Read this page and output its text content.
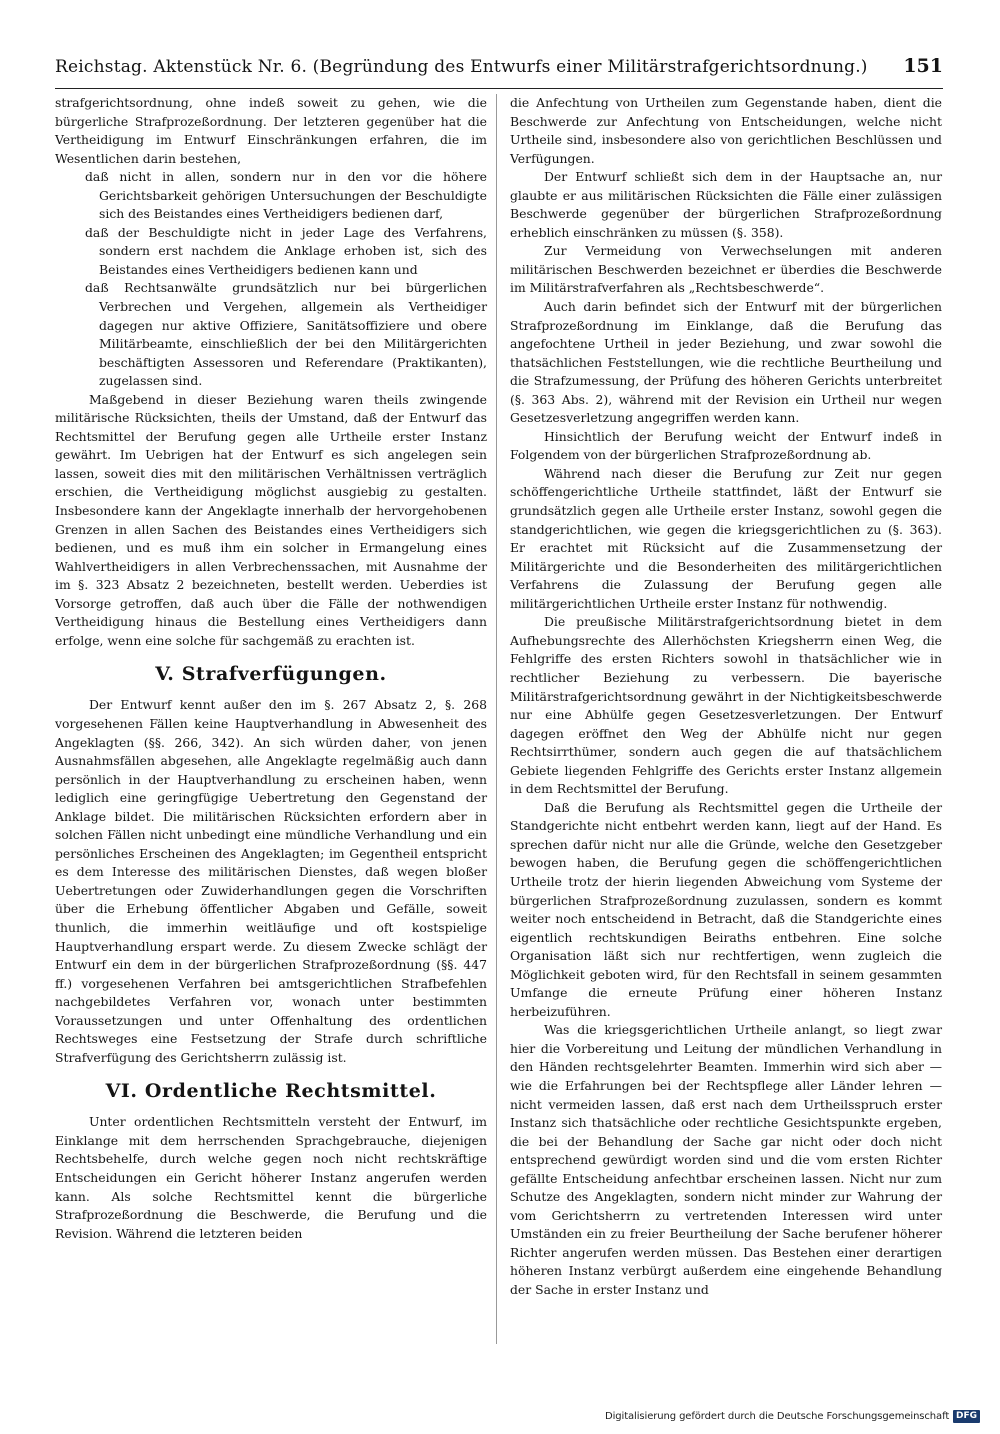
Reichstag. Aktenstück Nr. 6. (Begründung des Entwurfs einer Militärstrafgerichtsordnung.)	151

strafgerichtsordnung, ohne indeß soweit zu gehen, wie die bürgerliche Strafprozeßordnung. Der letzteren gegenüber hat die Vertheidigung im Entwurf Einschränkungen erfahren, die im Wesentlichen darin bestehen,

daß nicht in allen, sondern nur in den vor die höhere Gerichtsbarkeit gehörigen Untersuchungen der Beschuldigte sich des Beistandes eines Vertheidigers bedienen darf,

daß der Beschuldigte nicht in jeder Lage des Verfahrens, sondern erst nachdem die Anklage erhoben ist, sich des Beistandes eines Vertheidigers bedienen kann und

daß Rechtsanwälte grundsätzlich nur bei bürgerlichen Verbrechen und Vergehen, allgemein als Vertheidiger dagegen nur aktive Offiziere, Sanitätsoffiziere und obere Militärbeamte, einschließlich der bei den Militärgerichten beschäftigten Assessoren und Referendare (Praktikanten), zugelassen sind.

Maßgebend in dieser Beziehung waren theils zwingende militärische Rücksichten, theils der Umstand, daß der Entwurf das Rechtsmittel der Berufung gegen alle Urtheile erster Instanz gewährt. Im Uebrigen hat der Entwurf es sich angelegen sein lassen, soweit dies mit den militärischen Verhältnissen verträglich erschien, die Vertheidigung möglichst ausgiebig zu gestalten. Insbesondere kann der Angeklagte innerhalb der hervorgehobenen Grenzen in allen Sachen des Beistandes eines Vertheidigers sich bedienen, und es muß ihm ein solcher in Ermangelung eines Wahlvertheidigers in allen Verbrechenssachen, mit Ausnahme der im §. 323 Absatz 2 bezeichneten, bestellt werden. Ueberdies ist Vorsorge getroffen, daß auch über die Fälle der nothwendigen Vertheidigung hinaus die Bestellung eines Vertheidigers dann erfolge, wenn eine solche für sachgemäß zu erachten ist.

V. Strafverfügungen.

Der Entwurf kennt außer den im §. 267 Absatz 2, §. 268 vorgesehenen Fällen keine Hauptverhandlung in Abwesenheit des Angeklagten (§§. 266, 342). An sich würden daher, von jenen Ausnahmsfällen abgesehen, alle Angeklagte regelmäßig auch dann persönlich in der Hauptverhandlung zu erscheinen haben, wenn lediglich eine geringfügige Uebertretung den Gegenstand der Anklage bildet. Die militärischen Rücksichten erfordern aber in solchen Fällen nicht unbedingt eine mündliche Verhandlung und ein persönliches Erscheinen des Angeklagten; im Gegentheil entspricht es dem Interesse des militärischen Dienstes, daß wegen bloßer Uebertretungen oder Zuwiderhandlungen gegen die Vorschriften über die Erhebung öffentlicher Abgaben und Gefälle, soweit thunlich, die immerhin weitläufige und oft kostspielige Hauptverhandlung erspart werde. Zu diesem Zwecke schlägt der Entwurf ein dem in der bürgerlichen Strafprozeßordnung (§§. 447 ff.) vorgesehenen Verfahren bei amtsgerichtlichen Strafbefehlen nachgebildetes Verfahren vor, wonach unter bestimmten Voraussetzungen und unter Offenhaltung des ordentlichen Rechtsweges eine Festsetzung der Strafe durch schriftliche Strafverfügung des Gerichtsherrn zulässig ist.

VI. Ordentliche Rechtsmittel.

Unter ordentlichen Rechtsmitteln versteht der Entwurf, im Einklange mit dem herrschenden Sprachgebrauche, diejenigen Rechtsbehelfe, durch welche gegen noch nicht rechtskräftige Entscheidungen ein Gericht höherer Instanz angerufen werden kann. Als solche Rechtsmittel kennt die bürgerliche Strafprozeßordnung die Beschwerde, die Berufung und die Revision. Während die letzteren beiden

die Anfechtung von Urtheilen zum Gegenstande haben, dient die Beschwerde zur Anfechtung von Entscheidungen, welche nicht Urtheile sind, insbesondere also von gerichtlichen Beschlüssen und Verfügungen.

Der Entwurf schließt sich dem in der Hauptsache an, nur glaubte er aus militärischen Rücksichten die Fälle einer zulässigen Beschwerde gegenüber der bürgerlichen Strafprozeßordnung erheblich einschränken zu müssen (§. 358).

Zur Vermeidung von Verwechselungen mit anderen militärischen Beschwerden bezeichnet er überdies die Beschwerde im Militärstrafverfahren als „Rechtsbeschwerde“.

Auch darin befindet sich der Entwurf mit der bürgerlichen Strafprozeßordnung im Einklange, daß die Berufung das angefochtene Urtheil in jeder Beziehung, und zwar sowohl die thatsächlichen Feststellungen, wie die rechtliche Beurtheilung und die Strafzumessung, der Prüfung des höheren Gerichts unterbreitet (§. 363 Abs. 2), während mit der Revision ein Urtheil nur wegen Gesetzesverletzung angegriffen werden kann.

Hinsichtlich der Berufung weicht der Entwurf indeß in Folgendem von der bürgerlichen Strafprozeßordnung ab.

Während nach dieser die Berufung zur Zeit nur gegen schöffengerichtliche Urtheile stattfindet, läßt der Entwurf sie grundsätzlich gegen alle Urtheile erster Instanz, sowohl gegen die standgerichtlichen, wie gegen die kriegsgerichtlichen zu (§. 363). Er erachtet mit Rücksicht auf die Zusammensetzung der Militärgerichte und die Besonderheiten des militärgerichtlichen Verfahrens die Zulassung der Berufung gegen alle militärgerichtlichen Urtheile erster Instanz für nothwendig.

Die preußische Militärstrafgerichtsordnung bietet in dem Aufhebungsrechte des Allerhöchsten Kriegsherrn einen Weg, die Fehlgriffe des ersten Richters sowohl in thatsächlicher wie in rechtlicher Beziehung zu verbessern. Die bayerische Militärstrafgerichtsordnung gewährt in der Nichtigkeitsbeschwerde nur eine Abhülfe gegen Gesetzesverletzungen. Der Entwurf dagegen eröffnet den Weg der Abhülfe nicht nur gegen Rechtsirrthümer, sondern auch gegen die auf thatsächlichem Gebiete liegenden Fehlgriffe des Gerichts erster Instanz allgemein in dem Rechtsmittel der Berufung.

Daß die Berufung als Rechtsmittel gegen die Urtheile der Standgerichte nicht entbehrt werden kann, liegt auf der Hand. Es sprechen dafür nicht nur alle die Gründe, welche den Gesetzgeber bewogen haben, die Berufung gegen die schöffengerichtlichen Urtheile trotz der hierin liegenden Abweichung vom Systeme der bürgerlichen Strafprozeßordnung zuzulassen, sondern es kommt weiter noch entscheidend in Betracht, daß die Standgerichte eines eigentlich rechtskundigen Beiraths entbehren. Eine solche Organisation läßt sich nur rechtfertigen, wenn zugleich die Möglichkeit geboten wird, für den Rechtsfall in seinem gesammten Umfange die erneute Prüfung einer höheren Instanz herbeizuführen.

Was die kriegsgerichtlichen Urtheile anlangt, so liegt zwar hier die Vorbereitung und Leitung der mündlichen Verhandlung in den Händen rechtsgelehrter Beamten. Immerhin wird sich aber — wie die Erfahrungen bei der Rechtspflege aller Länder lehren — nicht vermeiden lassen, daß erst nach dem Urtheilsspruch erster Instanz sich thatsächliche oder rechtliche Gesichtspunkte ergeben, die bei der Behandlung der Sache gar nicht oder doch nicht entsprechend gewürdigt worden sind und die vom ersten Richter gefällte Entscheidung anfechtbar erscheinen lassen. Nicht nur zum Schutze des Angeklagten, sondern nicht minder zur Wahrung der vom Gerichtsherrn zu vertretenden Interessen wird unter Umständen ein zu freier Beurtheilung der Sache berufener höherer Richter angerufen werden müssen. Das Bestehen einer derartigen höheren Instanz verbürgt außerdem eine eingehende Behandlung der Sache in erster Instanz und

Digitalisierung gefördert durch die Deutsche Forschungsgemeinschaft DFG
